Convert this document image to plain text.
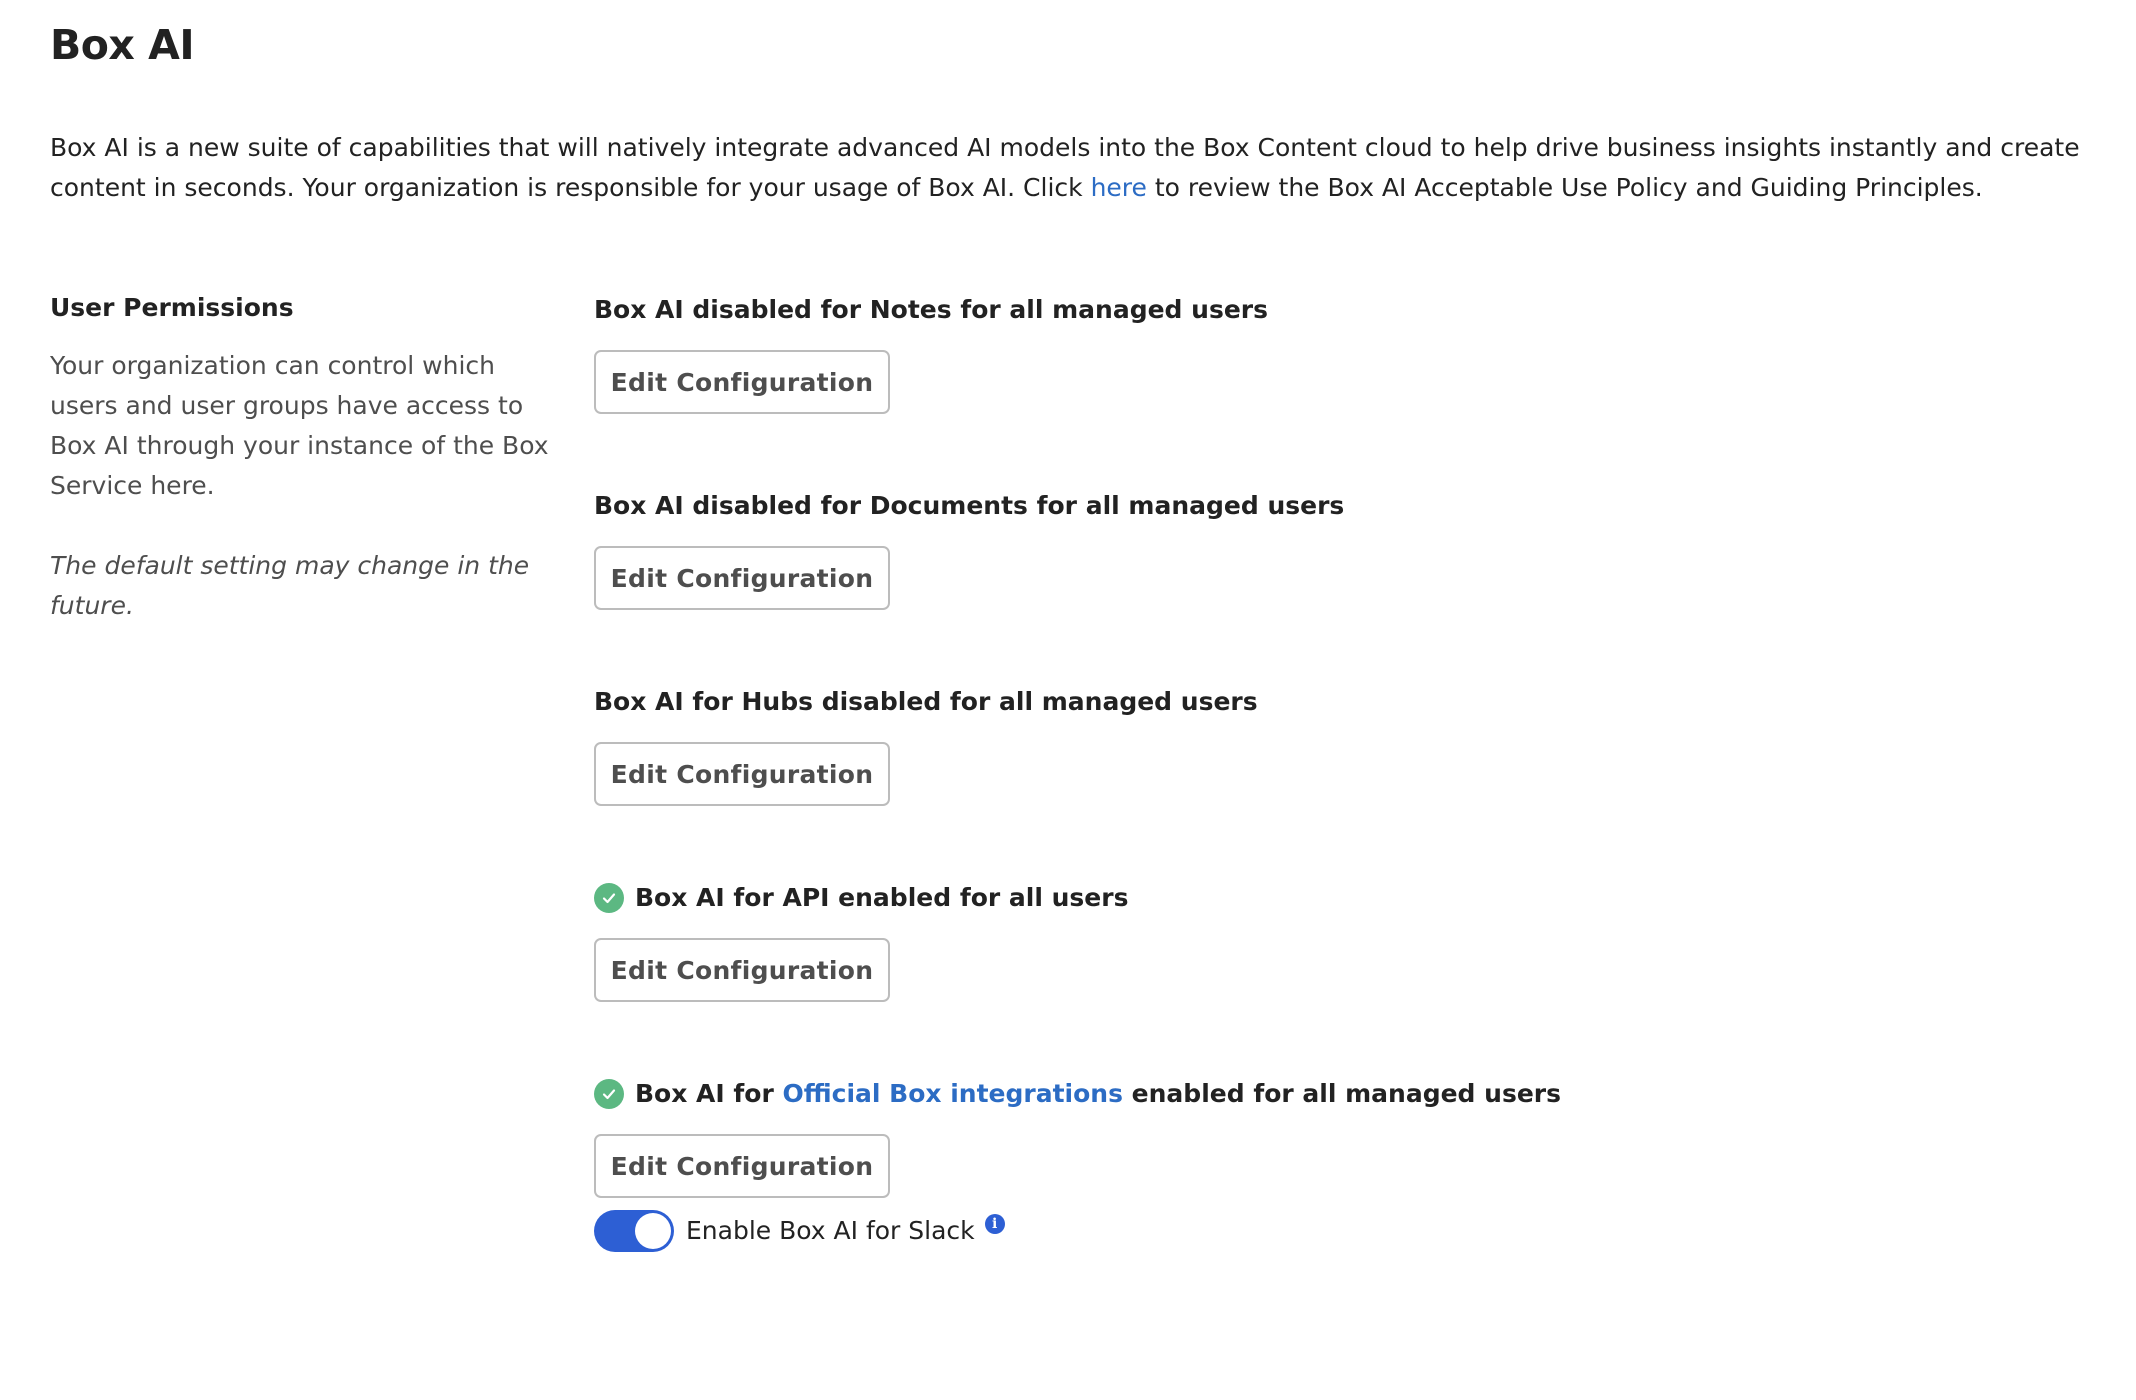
Box AI

Box AI is a new suite of capabilities that will natively integrate advanced AI models into the Box Content cloud to help drive business insights instantly and create content in seconds. Your organization is responsible for your usage of Box AI. Click here to review the Box AI Acceptable Use Policy and Guiding Principles.

User Permissions

Your organization can control which users and user groups have access to Box AI through your instance of the Box Service here.

The default setting may change in the future.

Box AI disabled for Notes for all managed users
Edit Configuration
Box AI disabled for Documents for all managed users
Edit Configuration
Box AI for Hubs disabled for all managed users
Edit Configuration
Box AI for API enabled for all users
Edit Configuration
Box AI for Official Box integrations enabled for all managed users
Edit Configuration
Enable Box AI for Slack	i
